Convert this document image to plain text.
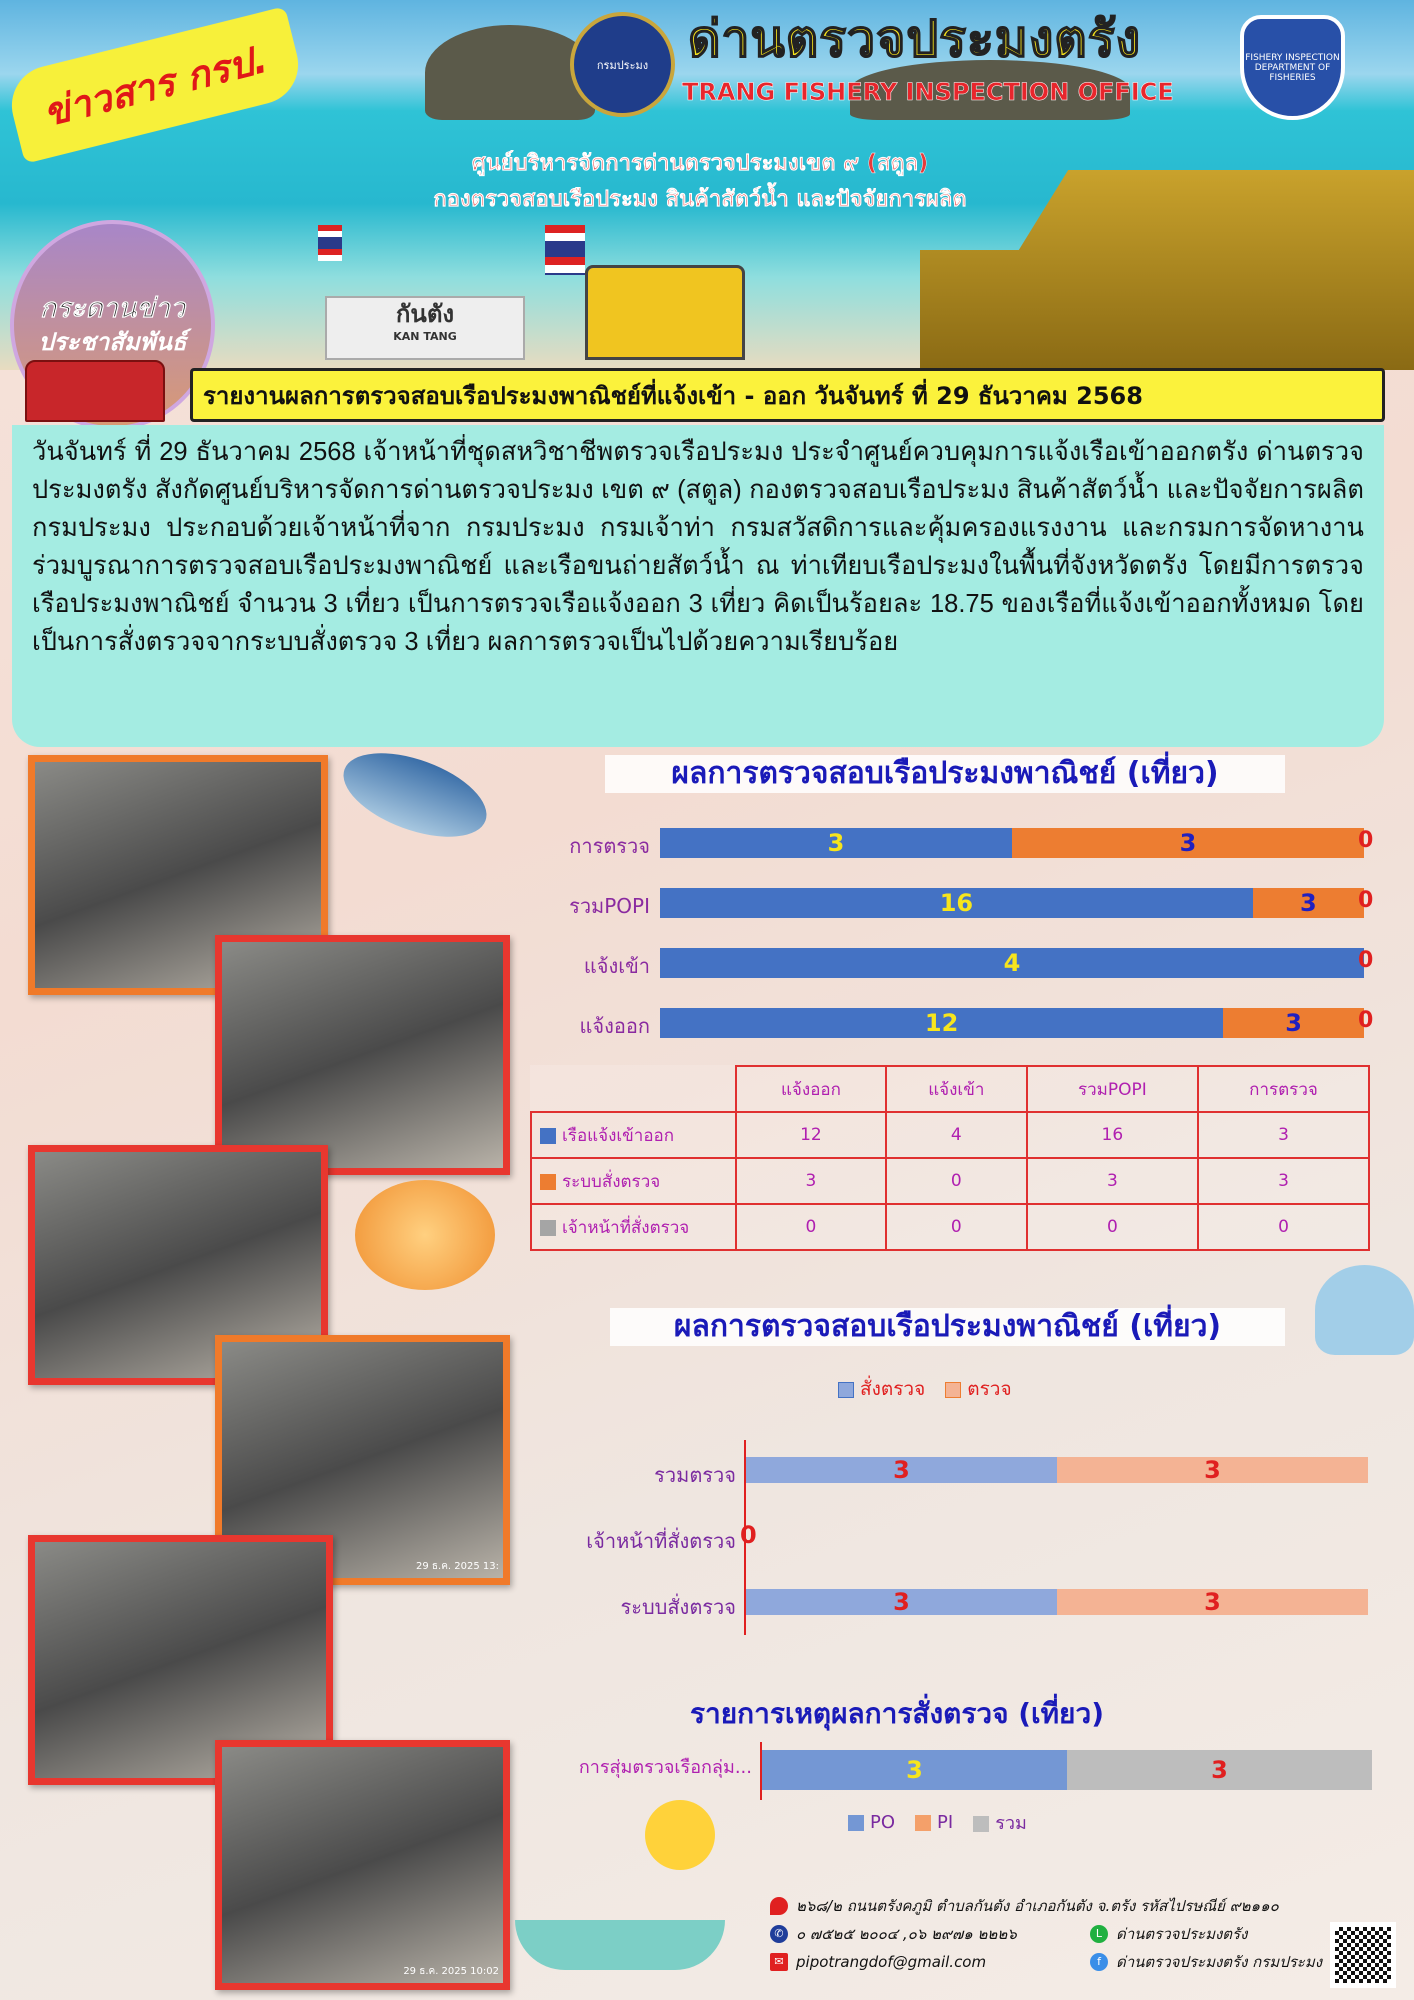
กันตัง
KAN TANG
ข่าวสาร กรป.	กรมประมง ด่านตรวจประมงตรัง
TRANG FISHERY INSPECTION OFFICE
FISHERY INSPECTION DEPARTMENT OF FISHERIES
ศูนย์บริหารจัดการด่านตรวจประมงเขต ๙ (สตูล)
กองตรวจสอบเรือประมง สินค้าสัตว์น้ำ และปัจจัยการผลิต
กระดานข่าว
ประชาสัมพันธ์
รายงานผลการตรวจสอบเรือประมงพาณิชย์ที่แจ้งเข้า - ออก วันจันทร์ ที่ 29 ธันวาคม 2568
วันจันทร์ ที่ 29 ธันวาคม 2568 เจ้าหน้าที่ชุดสหวิชาชีพตรวจเรือประมง ประจำศูนย์ควบคุมการแจ้งเรือเข้าออกตรัง ด่านตรวจประมงตรัง สังกัดศูนย์บริหารจัดการด่านตรวจประมง เขต ๙ (สตูล) กองตรวจสอบเรือประมง สินค้าสัตว์น้ำ และปัจจัยการผลิต กรมประมง ประกอบด้วยเจ้าหน้าที่จาก กรมประมง กรมเจ้าท่า กรมสวัสดิการและคุ้มครองแรงงาน และกรมการจัดหางาน ร่วมบูรณาการตรวจสอบเรือประมงพาณิชย์ และเรือขนถ่ายสัตว์น้ำ ณ ท่าเทียบเรือประมงในพื้นที่จังหวัดตรัง โดยมีการตรวจเรือประมงพาณิชย์ จำนวน 3 เที่ยว เป็นการตรวจเรือแจ้งออก 3 เที่ยว คิดเป็นร้อยละ 18.75 ของเรือที่แจ้งเข้าออกทั้งหมด โดยเป็นการสั่งตรวจจากระบบสั่งตรวจ 3 เที่ยว ผลการตรวจเป็นไปด้วยความเรียบร้อย
29 ธ.ค. 2025 13:
29 ธ.ค. 2025 10:02
ผลการตรวจสอบเรือประมงพาณิชย์ (เที่ยว)
การตรวจ	3	3	0
รวมPOPI	16	3	0
แจ้งเข้า	4	0
แจ้งออก	12	3	0
	แจ้งออก	แจ้งเข้า	รวมPOPI	การตรวจ
เรือแจ้งเข้าออก	12	4	16	3
ระบบสั่งตรวจ	3	0	3	3
เจ้าหน้าที่สั่งตรวจ	0	0	0	0
ผลการตรวจสอบเรือประมงพาณิชย์ (เที่ยว)
สั่งตรวจ	ตรวจ
รวมตรวจ	3	3
เจ้าหน้าที่สั่งตรวจ 0
ระบบสั่งตรวจ	3	3
รายการเหตุผลการสั่งตรวจ (เที่ยว)
การสุ่มตรวจเรือกลุ่ม...	3	3
PO	PI	รวม
๒๖๘/๒ ถนนตรังคภูมิ ตำบลกันตัง อำเภอกันตัง จ.ตรัง รหัสไปรษณีย์ ๙๒๑๑๐
✆ ๐ ๗๕๒๕ ๒๐๐๔ ,๐๖ ๒๙๗๑ ๒๒๒๖
✉ pipotrangdof@gmail.com
L ด่านตรวจประมงตรัง
f	ด่านตรวจประมงตรัง กรมประมง
